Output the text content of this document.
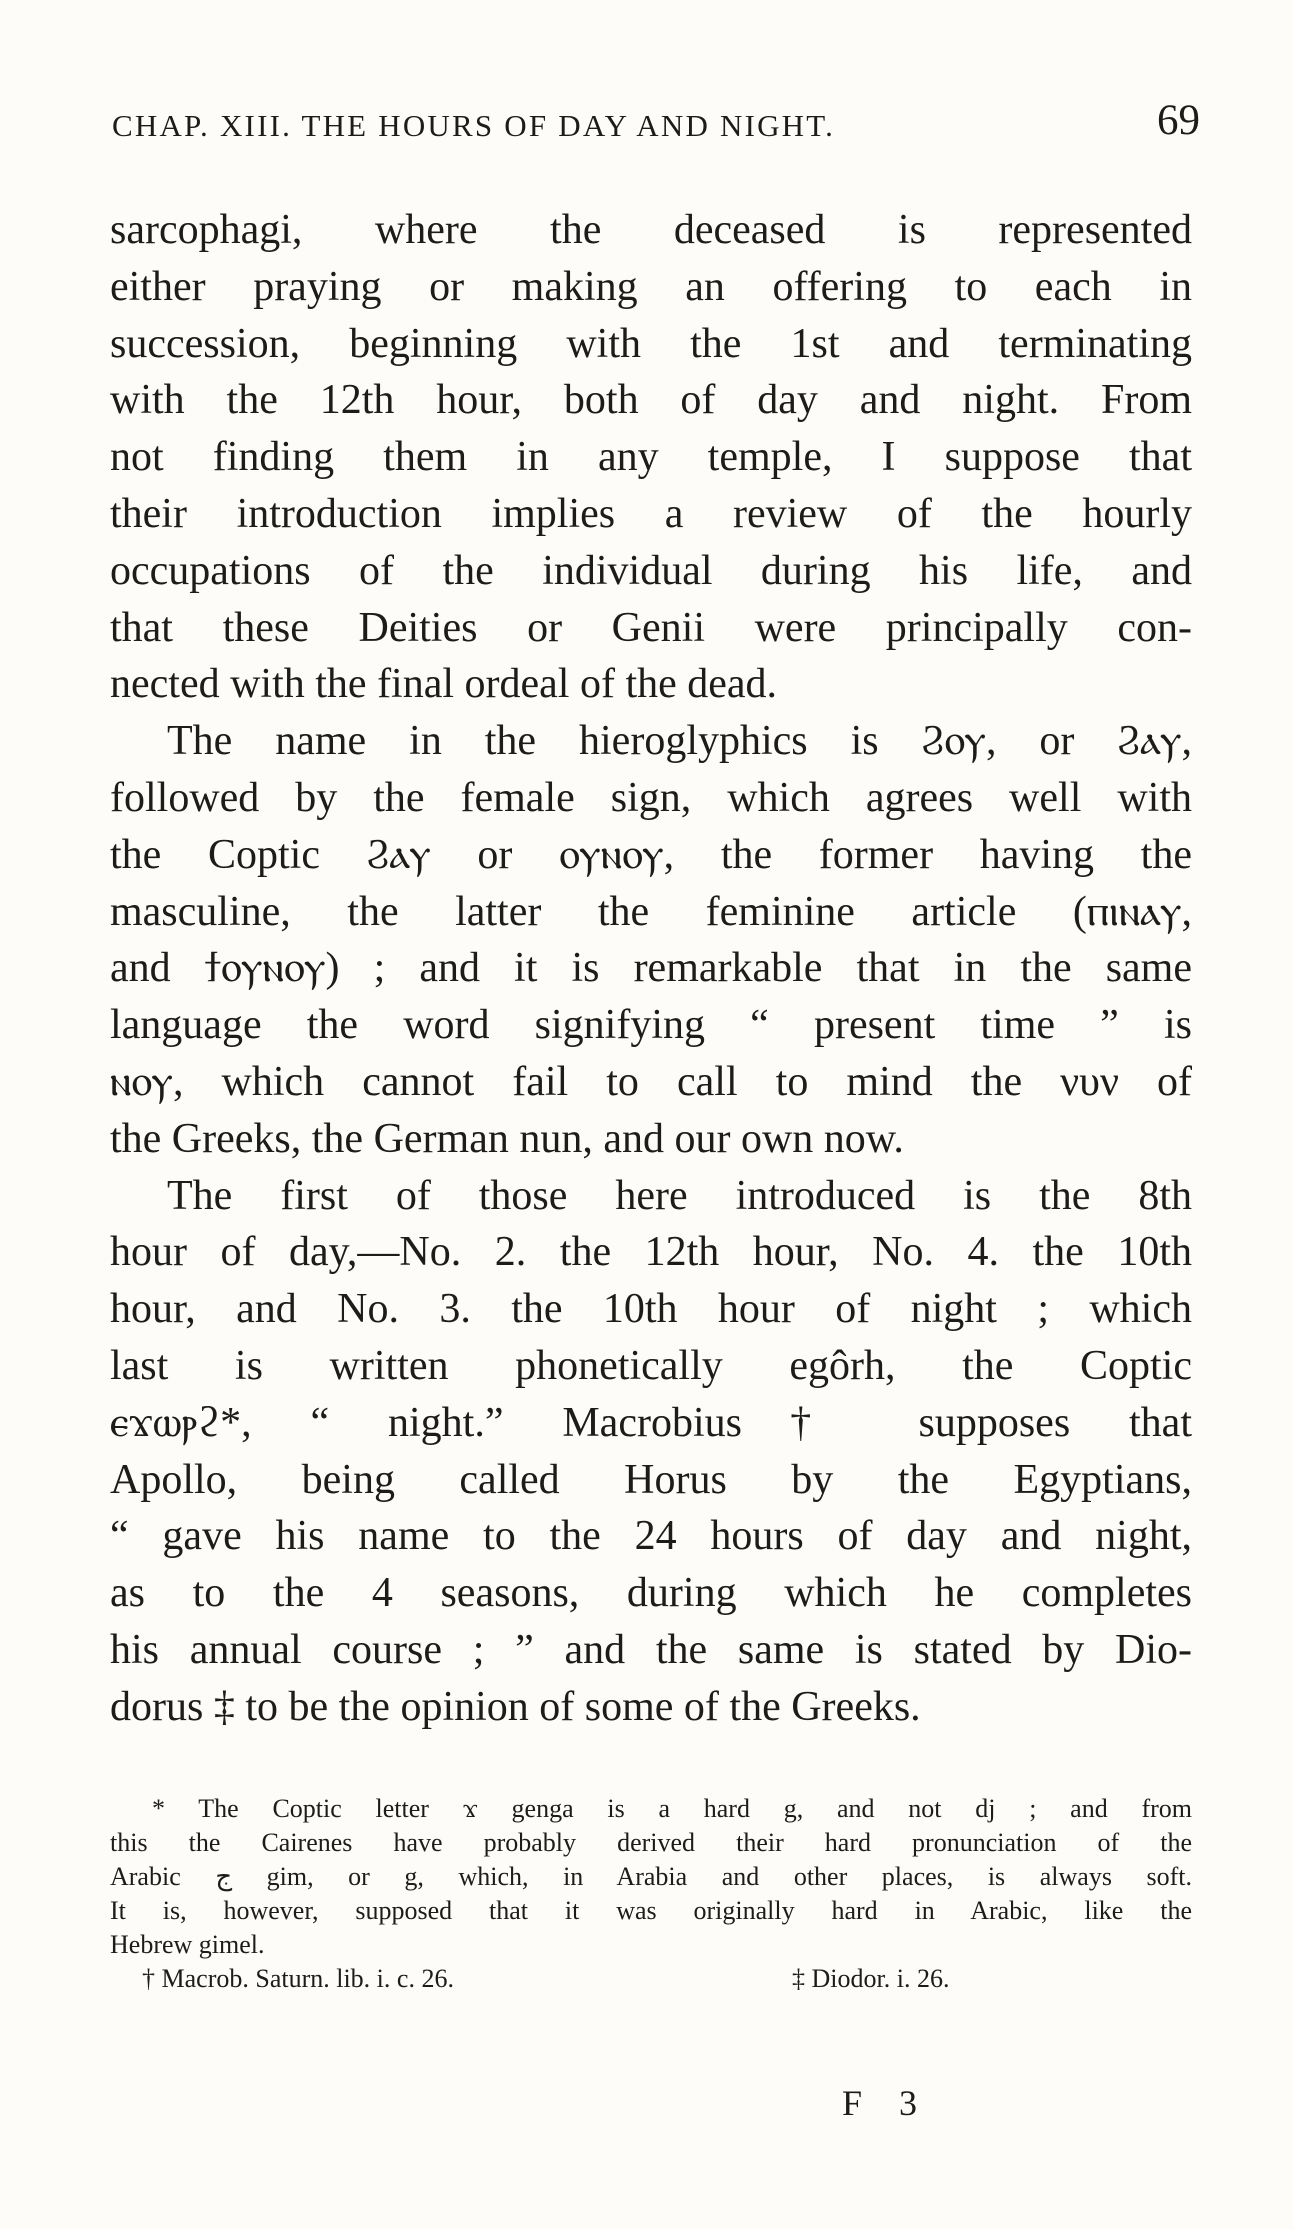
CHAP. XIII. THE HOURS OF DAY AND NIGHT.	69
sarcophagi, where the deceased is represented
either praying or making an offering to each in
succession, beginning with the 1st and terminating
with the 12th hour, both of day and night. From
not finding them in any temple, I suppose that
their introduction implies a review of the hourly
occupations of the individual during his life, and
that these Deities or Genii were principally con-
nected with the final ordeal of the dead.
The name in the hieroglyphics is Ϩⲟⲩ, or Ϩⲁⲩ,
followed by the female sign, which agrees well with
the Coptic Ϩⲁⲩ or ⲟⲩⲛⲟⲩ, the former having the
masculine, the latter the feminine article (ⲡⲓⲛⲁⲩ,
and ϯⲟⲩⲛⲟⲩ) ; and it is remarkable that in the same
language the word signifying “ present time ” is
ⲛⲟⲩ, which cannot fail to call to mind the νυν of
the Greeks, the German nun, and our own now.
The first of those here introduced is the 8th
hour of day,—No. 2. the 12th hour, No. 4. the 10th
hour, and No. 3. the 10th hour of night ; which
last is written phonetically egôrh, the Coptic
ⲉϫⲱⲣϩ*, “ night.” Macrobius† supposes that
Apollo, being called Horus by the Egyptians,
“ gave his name to the 24 hours of day and night,
as to the 4 seasons, during which he completes
his annual course ; ” and the same is stated by Dio-
dorus ‡ to be the opinion of some of the Greeks.
* The Coptic letter ϫ genga is a hard g, and not dj ; and from
this the Cairenes have probably derived their hard pronunciation of the
Arabic ج gim, or g, which, in Arabia and other places, is always soft.
It is, however, supposed that it was originally hard in Arabic, like the
Hebrew gimel.
† Macrob. Saturn. lib. i. c. 26.	‡ Diodor. i. 26.
F 3
